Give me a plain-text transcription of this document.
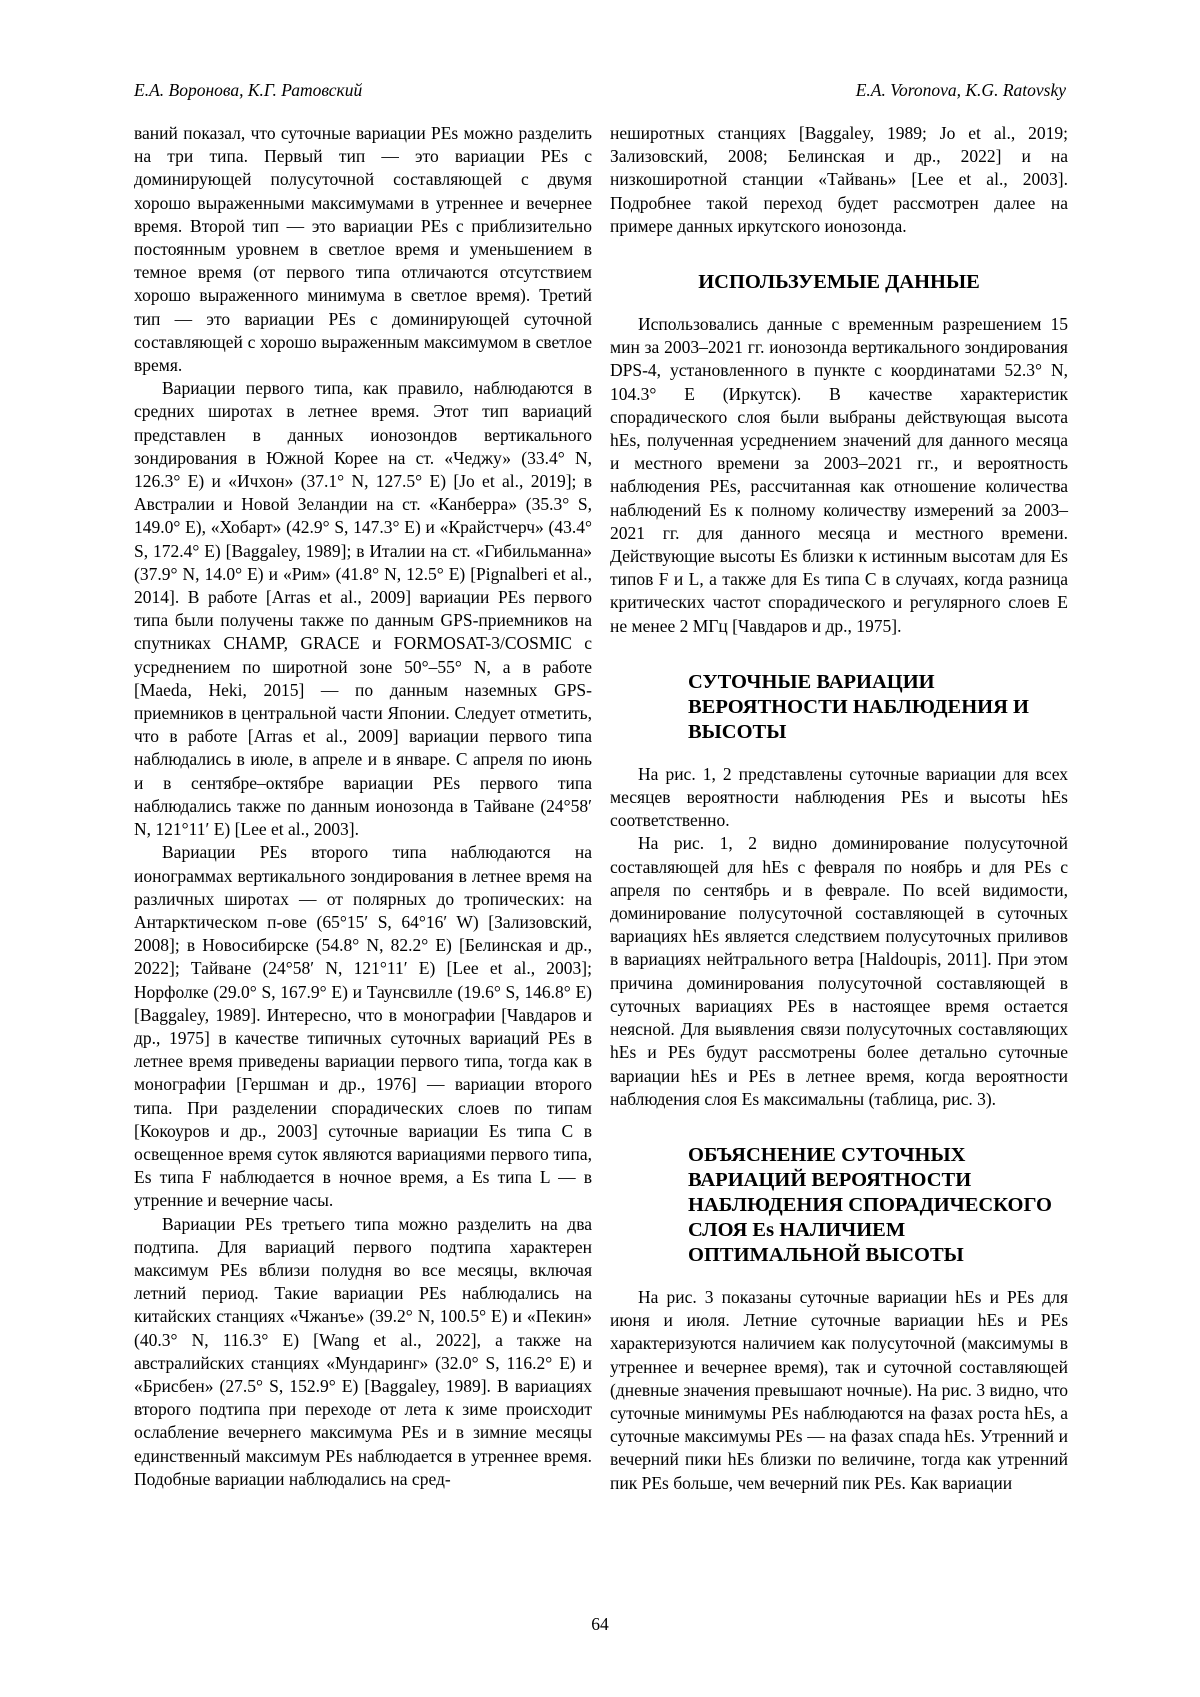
Е.А. Воронова, К.Г. Ратовский	E.A. Voronova, K.G. Ratovsky

ваний показал, что суточные вариации PEs можно разделить на три типа. Первый тип — это вариации PEs с доминирующей полусуточной составляющей с двумя хорошо выраженными максимумами в утреннее и вечернее время. Второй тип — это вариации PEs с приблизительно постоянным уровнем в светлое время и уменьшением в темное время (от первого типа отличаются отсутствием хорошо выраженного минимума в светлое время). Третий тип — это вариации PEs с доминирующей суточной составляющей с хорошо выраженным максимумом в светлое время.

Вариации первого типа, как правило, наблюдаются в средних широтах в летнее время. Этот тип вариаций представлен в данных ионозондов вертикального зондирования в Южной Корее на ст. «Чеджу» (33.4° N, 126.3° E) и «Ичхон» (37.1° N, 127.5° E) [Jo et al., 2019]; в Австралии и Новой Зеландии на ст. «Канберра» (35.3° S, 149.0° E), «Хобарт» (42.9° S, 147.3° E) и «Крайстчерч» (43.4° S, 172.4° E) [Baggaley, 1989]; в Италии на ст. «Гибильманна» (37.9° N, 14.0° E) и «Рим» (41.8° N, 12.5° E) [Pignalberi et al., 2014]. В работе [Arras et al., 2009] вариации PEs первого типа были получены также по данным GPS-приемников на спутниках CHAMP, GRACE и FORMOSAT-3/COSMIC с усреднением по широтной зоне 50°–55° N, а в работе [Maeda, Heki, 2015] — по данным наземных GPS-приемников в центральной части Японии. Следует отметить, что в работе [Arras et al., 2009] вариации первого типа наблюдались в июле, в апреле и в январе. С апреля по июнь и в сентябре–октябре вариации PEs первого типа наблюдались также по данным ионозонда в Тайване (24°58′ N, 121°11′ E) [Lee et al., 2003].

Вариации PEs второго типа наблюдаются на ионограммах вертикального зондирования в летнее время на различных широтах — от полярных до тропических: на Антарктическом п-ове (65°15′ S, 64°16′ W) [Зализовский, 2008]; в Новосибирске (54.8° N, 82.2° E) [Белинская и др., 2022]; Тайване (24°58′ N, 121°11′ E) [Lee et al., 2003]; Норфолке (29.0° S, 167.9° E) и Таунсвилле (19.6° S, 146.8° E) [Baggaley, 1989]. Интересно, что в монографии [Чавдаров и др., 1975] в качестве типичных суточных вариаций PEs в летнее время приведены вариации первого типа, тогда как в монографии [Гершман и др., 1976] — вариации второго типа. При разделении спорадических слоев по типам [Кокоуров и др., 2003] суточные вариации Es типа C в освещенное время суток являются вариациями первого типа, Es типа F наблюдается в ночное время, а Es типа L — в утренние и вечерние часы.

Вариации PEs третьего типа можно разделить на два подтипа. Для вариаций первого подтипа характерен максимум PEs вблизи полудня во все месяцы, включая летний период. Такие вариации PEs наблюдались на китайских станциях «Чжанъе» (39.2° N, 100.5° E) и «Пекин» (40.3° N, 116.3° E) [Wang et al., 2022], а также на австралийских станциях «Мундаринг» (32.0° S, 116.2° E) и «Брисбен» (27.5° S, 152.9° E) [Baggaley, 1989]. В вариациях второго подтипа при переходе от лета к зиме происходит ослабление вечернего максимума PEs и в зимние месяцы единственный максимум PEs наблюдается в утреннее время. Подобные вариации наблюдались на сред-

неширотных станциях [Baggaley, 1989; Jo et al., 2019; Зализовский, 2008; Белинская и др., 2022] и на низкоширотной станции «Тайвань» [Lee et al., 2003]. Подробнее такой переход будет рассмотрен далее на примере данных иркутского ионозонда.

ИСПОЛЬЗУЕМЫЕ ДАННЫЕ

Использовались данные с временным разрешением 15 мин за 2003–2021 гг. ионозонда вертикального зондирования DPS-4, установленного в пункте с координатами 52.3° N, 104.3° E (Иркутск). В качестве характеристик спорадического слоя были выбраны действующая высота hEs, полученная усреднением значений для данного месяца и местного времени за 2003–2021 гг., и вероятность наблюдения PEs, рассчитанная как отношение количества наблюдений Es к полному количеству измерений за 2003–2021 гг. для данного месяца и местного времени. Действующие высоты Es близки к истинным высотам для Es типов F и L, а также для Es типа C в случаях, когда разница критических частот спорадического и регулярного слоев E не менее 2 МГц [Чавдаров и др., 1975].

СУТОЧНЫЕ ВАРИАЦИИ ВЕРОЯТНОСТИ НАБЛЮДЕНИЯ И ВЫСОТЫ

На рис. 1, 2 представлены суточные вариации для всех месяцев вероятности наблюдения PEs и высоты hEs соответственно.

На рис. 1, 2 видно доминирование полусуточной составляющей для hEs с февраля по ноябрь и для PEs с апреля по сентябрь и в феврале. По всей видимости, доминирование полусуточной составляющей в суточных вариациях hEs является следствием полусуточных приливов в вариациях нейтрального ветра [Haldoupis, 2011]. При этом причина доминирования полусуточной составляющей в суточных вариациях PEs в настоящее время остается неясной. Для выявления связи полусуточных составляющих hEs и PEs будут рассмотрены более детально суточные вариации hEs и PEs в летнее время, когда вероятности наблюдения слоя Es максимальны (таблица, рис. 3).

ОБЪЯСНЕНИЕ СУТОЧНЫХ ВАРИАЦИЙ ВЕРОЯТНОСТИ НАБЛЮДЕНИЯ СПОРАДИЧЕСКОГО СЛОЯ Es НАЛИЧИЕМ ОПТИМАЛЬНОЙ ВЫСОТЫ

На рис. 3 показаны суточные вариации hEs и PEs для июня и июля. Летние суточные вариации hEs и PEs характеризуются наличием как полусуточной (максимумы в утреннее и вечернее время), так и суточной составляющей (дневные значения превышают ночные). На рис. 3 видно, что суточные минимумы PEs наблюдаются на фазах роста hEs, а суточные максимумы PEs — на фазах спада hEs. Утренний и вечерний пики hEs близки по величине, тогда как утренний пик PEs больше, чем вечерний пик PEs. Как вариации

64
